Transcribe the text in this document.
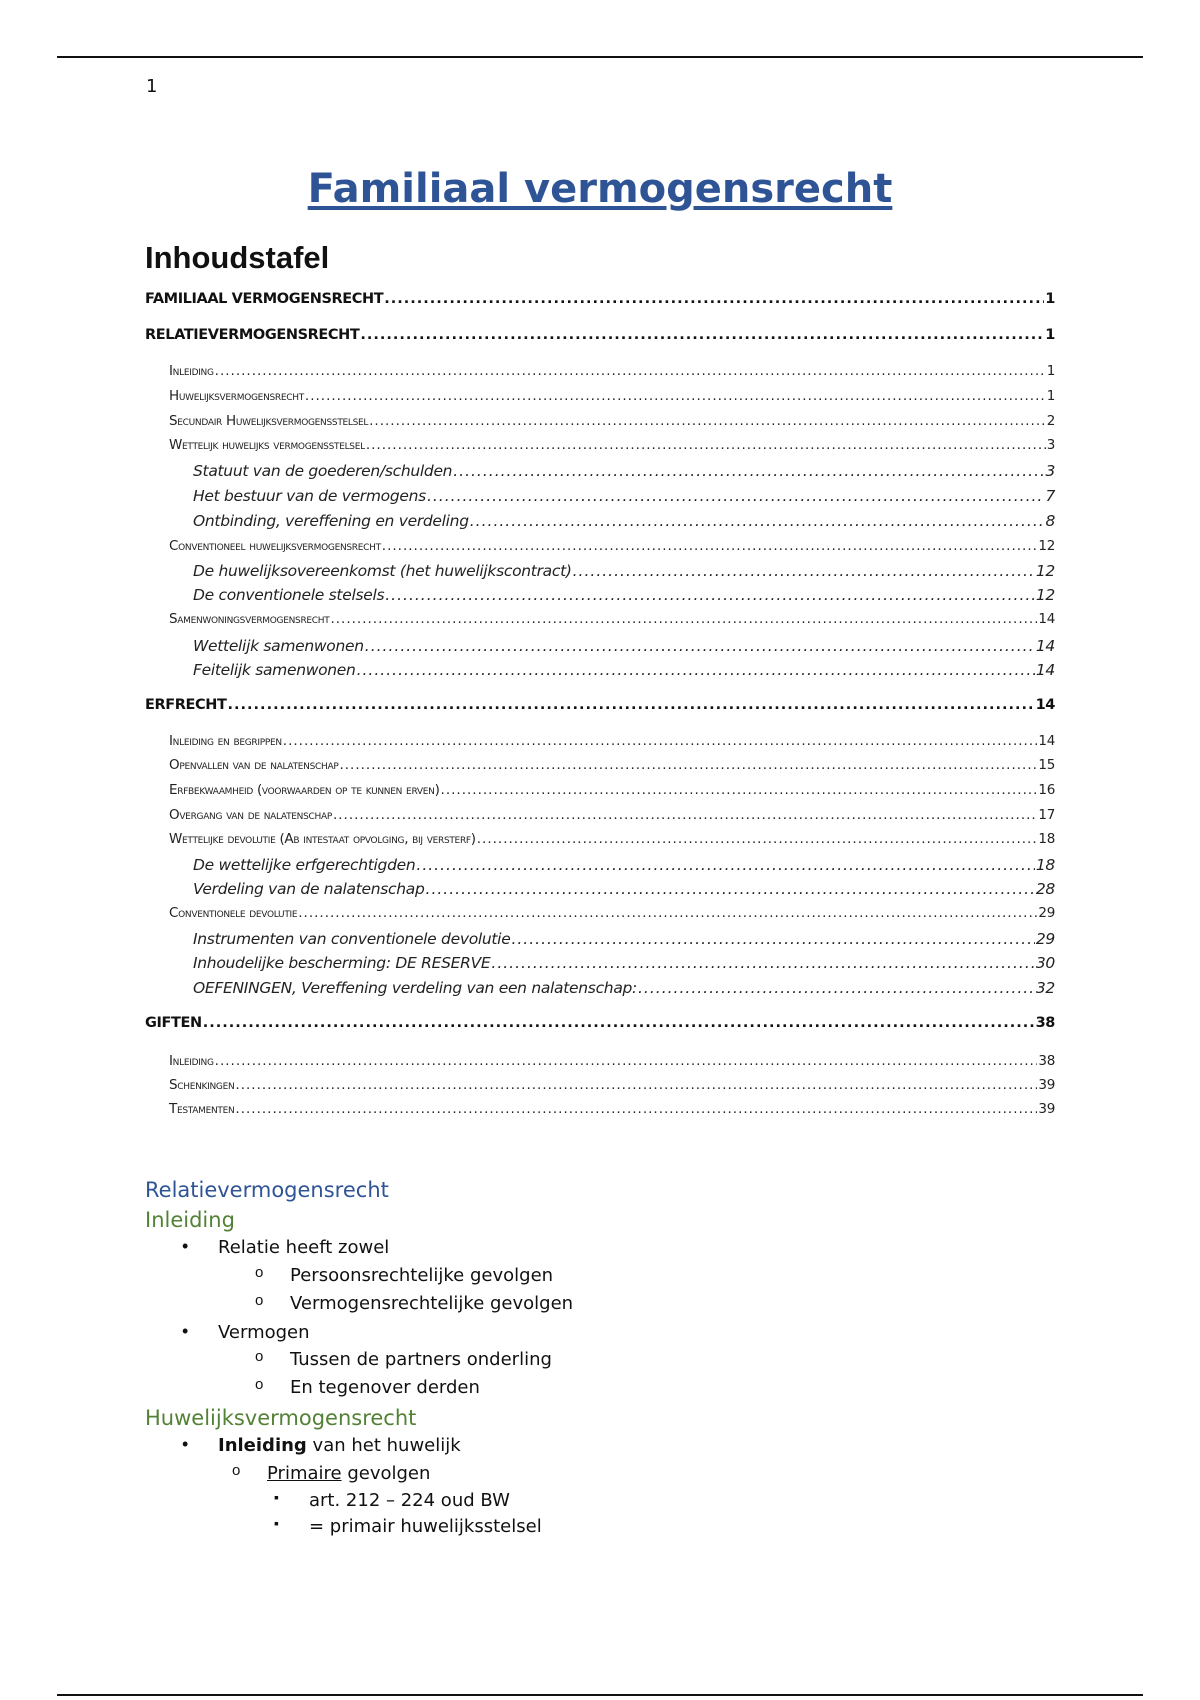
1
Familiaal vermogensrecht
Inhoudstafel
FAMILIAAL VERMOGENSRECHT .....	1
RELATIEVERMOGENSRECHT .....	1
Inleiding .....	1
Huwelijksvermogensrecht .....	1
Secundair Huwelijksvermogensstelsel .....	2
Wettelijk huwelijks vermogensstelsel .....	3
Statuut van de goederen/schulden .....	3
Het bestuur van de vermogens .....	7
Ontbinding, vereffening en verdeling .....	8
Conventioneel huwelijksvermogensrecht .....	12
De huwelijksovereenkomst (het huwelijkscontract) .....	12
De conventionele stelsels .....	12
Samenwoningsvermogensrecht .....	14
Wettelijk samenwonen .....	14
Feitelijk samenwonen .....	14
ERFRECHT .....	14
Inleiding en begrippen .....	14
Openvallen van de nalatenschap .....	15
Erfbekwaamheid (voorwaarden op te kunnen erven) .....	16
Overgang van de nalatenschap .....	17
Wettelijke devolutie (Ab intestaat opvolging, bij versterf) .....	18
De wettelijke erfgerechtigden .....	18
Verdeling van de nalatenschap .....	28
Conventionele devolutie .....	29
Instrumenten van conventionele devolutie .....	29
Inhoudelijke bescherming: DE RESERVE .....	30
OEFENINGEN, Vereffening verdeling van een nalatenschap: .....	32
GIFTEN .....	38
Inleiding .....	38
Schenkingen .....	39
Testamenten .....	39
Relatievermogensrecht
Inleiding
• Relatie heeft zowel
o Persoonsrechtelijke gevolgen
o Vermogensrechtelijke gevolgen
• Vermogen
o Tussen de partners onderling
o En tegenover derden
Huwelijksvermogensrecht
• Inleiding van het huwelijk
o Primaire gevolgen
▪ art. 212 – 224 oud BW
▪ = primair huwelijksstelsel
